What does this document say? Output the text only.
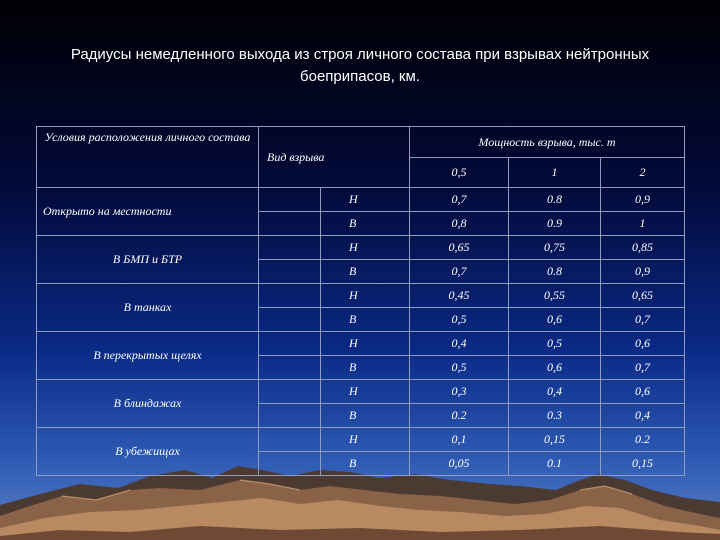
Радиусы немедленного выхода из строя личного состава при взрывах нейтронных
боеприпасов, км.
Условия расположения личного состава	Вид взрыва		Мощность взрыва, тыс. т		
			0,5	1	2
Открыто на местности		Н	0,7	0.8	0,9
		В	0,8	0.9	1
В БМП и БТР		Н	0,65	0,75	0,85
		В	0,7	0.8	0,9
В танках		Н	0,45	0,55	0,65
		В	0,5	0,6	0,7
В перекрытых щелях		Н	0,4	0,5	0,6
		В	0,5	0,6	0,7
В блиндажах		Н	0,3	0,4	0,6
		В	0.2	0.3	0,4
В убежищах		Н	0,1	0,15	0.2
		В	0,05	0.1	0,15
